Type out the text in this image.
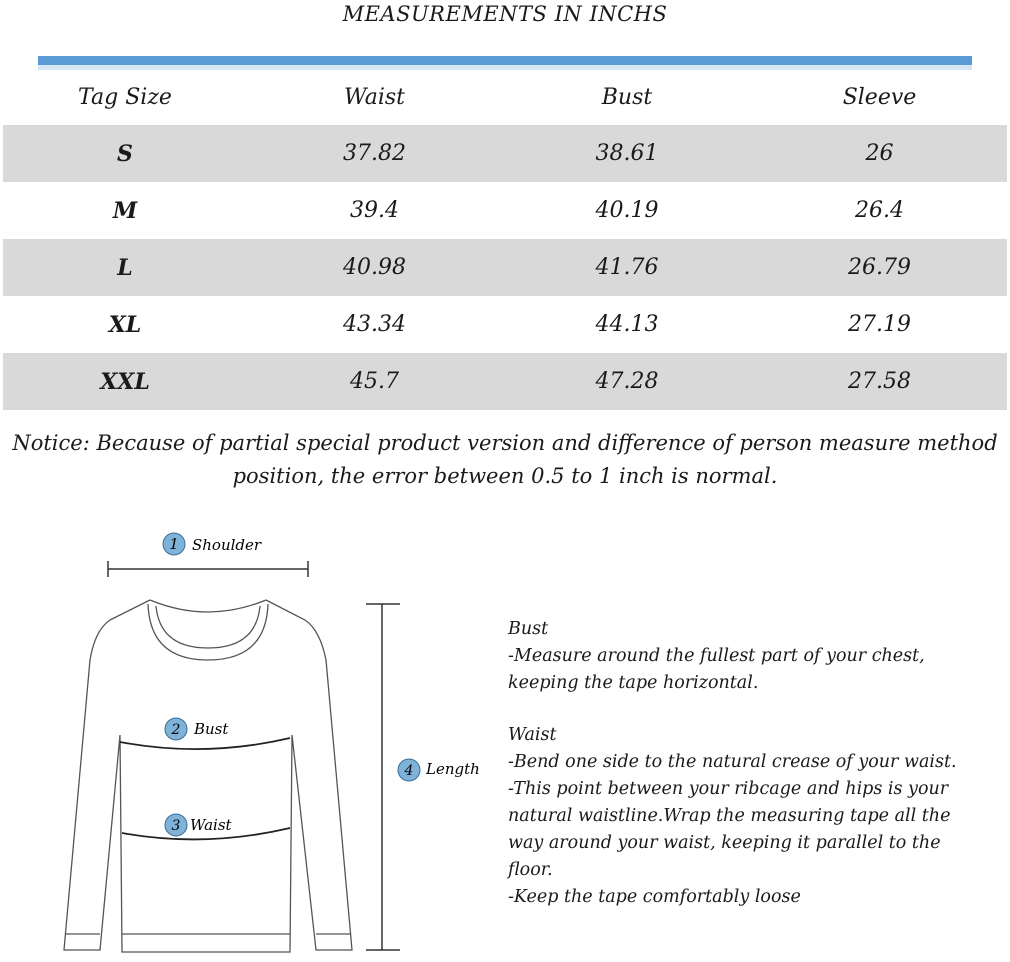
MEASUREMENTS IN INCHS
Tag Size	Waist	Bust	Sleeve
S	37.82	38.61	26
M	39.4	40.19	26.4
L	40.98	41.76	26.79
XL	43.34	44.13	27.19
XXL	45.7	47.28	27.58
Notice: Because of partial special product version and difference of person measure method
position, the error between 0.5 to 1 inch is normal.
1 Shoulder
2 Bust
3 Waist
4 Length
Bust
-Measure around the fullest part of your chest,
keeping the tape horizontal.
Waist
-Bend one side to the natural crease of your waist.
-This point between your ribcage and hips is your
natural waistline.Wrap the measuring tape all the
way around your waist, keeping it parallel to the
floor.
-Keep the tape comfortably loose
